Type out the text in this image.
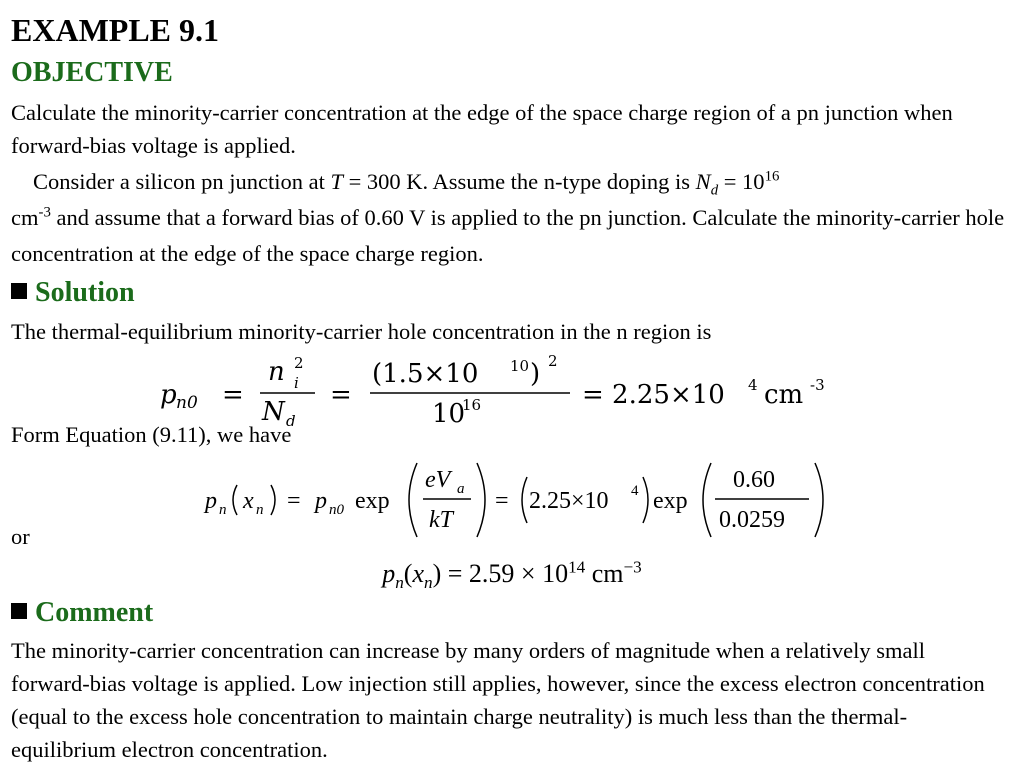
EXAMPLE 9.1
OBJECTIVE
Calculate the minority-carrier concentration at the edge of the space charge region of a pn junction when forward-bias voltage is applied.
Consider a silicon pn junction at T = 300 K. Assume the n-type doping is $N_d = 10^{16}$
$cm^{-3}$ and assume that a forward bias of 0.60 V is applied to the pn junction. Calculate the minority-carrier hole concentration at the edge of the space charge region.
Solution
The thermal-equilibrium minority-carrier hole concentration in the n region is
p n0 =
n i
2
N d
=
(1.5×10 10 ) 2
10
16	= 2.25×10 4 cm -3
Form Equation (9.11), we have
p n x n = p n0 exp
eV a
kT
= 2.25×10 4 exp
0.60
0.0259
or
$p_n(x_n) = 2.59 \times 10^{14}$ $cm^{-3}$
Comment
The minority-carrier concentration can increase by many orders of magnitude when a relatively small forward-bias voltage is applied. Low injection still applies, however, since the excess electron concentration (equal to the excess hole concentration to maintain charge neutrality) is much less than the thermal-equilibrium electron concentration.
